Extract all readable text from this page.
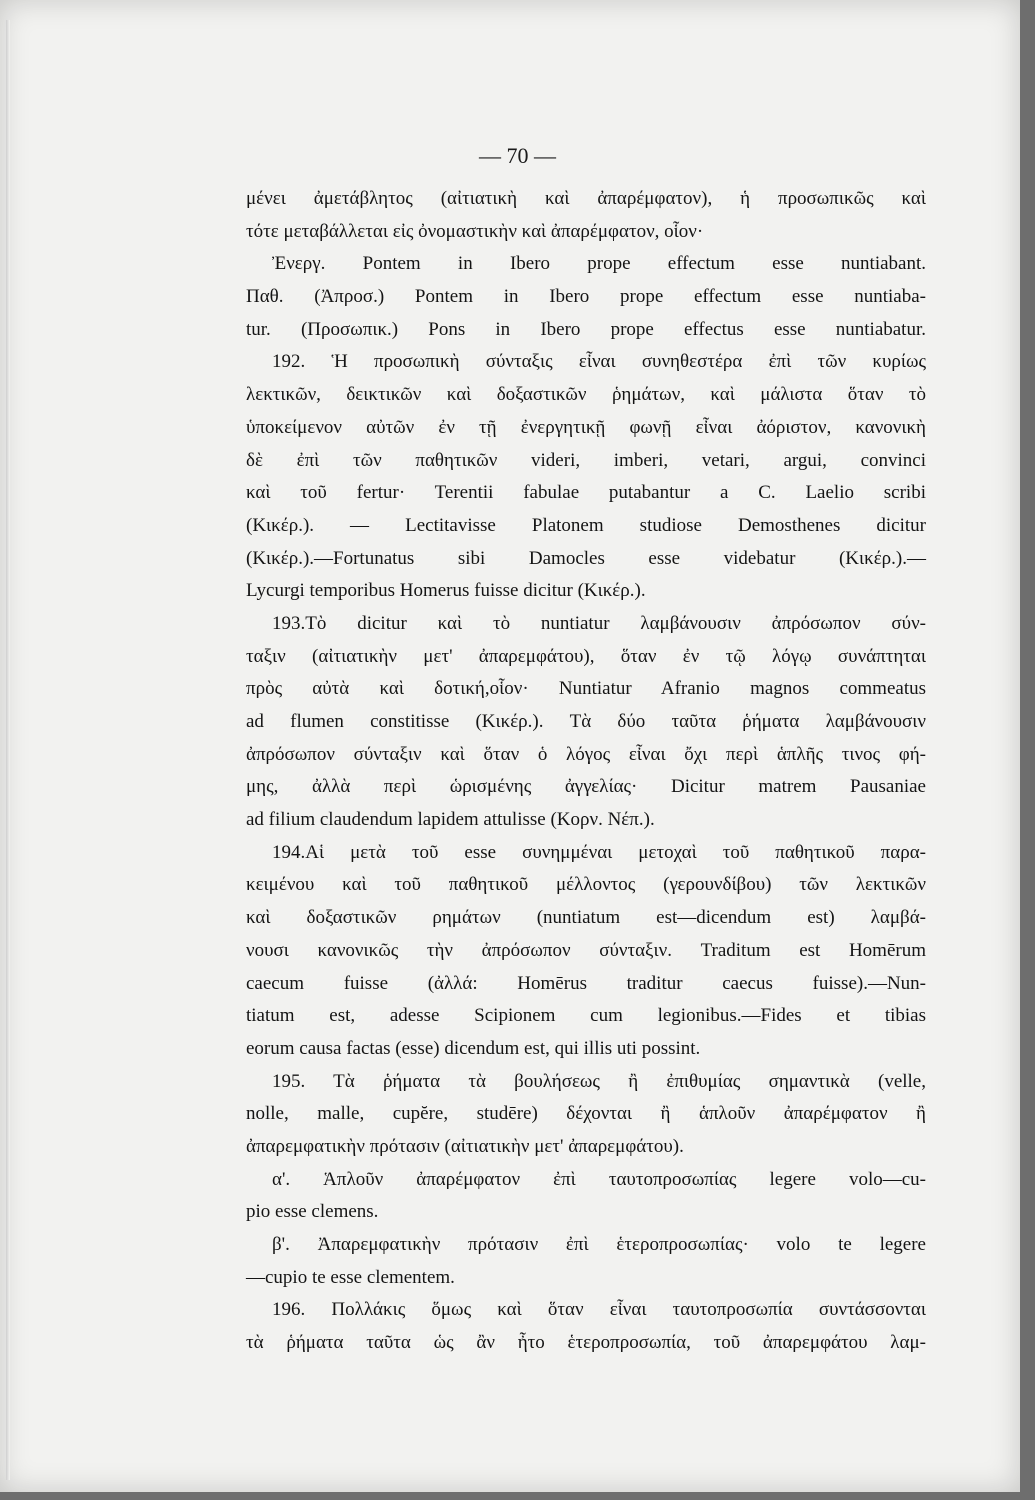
— 70 —
μένει ἀμετάβλητος (αἰτιατικὴ καὶ ἀπαρέμφατον), ἡ προσωπικῶς καὶ
τότε μεταβάλλεται εἰς ὀνομαστικὴν καὶ ἀπαρέμφατον, οἷον·
Ἐνεργ. Pontem in Ibero prope effectum esse nuntiabant.
Παθ. (Ἀπροσ.) Pontem in Ibero prope effectum esse nuntiaba-
tur. (Προσωπικ.) Pons in Ibero prope effectus esse nuntiabatur.
192. Ἡ προσωπικὴ σύνταξις εἶναι συνηθεστέρα ἐπὶ τῶν κυρίως
λεκτικῶν, δεικτικῶν καὶ δοξαστικῶν ῥημάτων, καὶ μάλιστα ὅταν τὸ
ὑποκείμενον αὐτῶν ἐν τῇ ἐνεργητικῇ φωνῇ εἶναι ἀόριστον, κανονικὴ
δὲ ἐπὶ τῶν παθητικῶν videri, imberi, vetari, argui, convinci
καὶ τοῦ fertur· Terentii fabulae putabantur a C. Laelio scribi
(Κικέρ.). — Lectitavisse Platonem studiose Demosthenes dicitur
(Κικέρ.).—Fortunatus sibi Damocles esse videbatur (Κικέρ.).—
Lycurgi temporibus Homerus fuisse dicitur (Κικέρ.).
193.Τὸ dicitur καὶ τὸ nuntiatur λαμβάνουσιν ἀπρόσωπον σύν-
ταξιν (αἰτιατικὴν μετ' ἀπαρεμφάτου), ὅταν ἐν τῷ λόγῳ συνάπτηται
πρὸς αὐτὰ καὶ δοτική,οἷον· Nuntiatur Afranio magnos commeatus
ad flumen constitisse (Κικέρ.). Τὰ δύο ταῦτα ῥήματα λαμβάνουσιν
ἀπρόσωπον σύνταξιν καὶ ὅταν ὁ λόγος εἶναι ὄχι περὶ ἁπλῆς τινος φή-
μης, ἀλλὰ περὶ ὡρισμένης ἀγγελίας· Dicitur matrem Pausaniae
ad filium claudendum lapidem attulisse (Κορν. Νέπ.).
194.Αἱ μετὰ τοῦ esse συνημμέναι μετοχαὶ τοῦ παθητικοῦ παρα-
κειμένου καὶ τοῦ παθητικοῦ μέλλοντος (γερουνδίβου) τῶν λεκτικῶν
καὶ δοξαστικῶν ρημάτων (nuntiatum est—dicendum est) λαμβά-
νουσι κανονικῶς τὴν ἀπρόσωπον σύνταξιν. Traditum est Homērum
caecum fuisse (ἀλλά: Homērus traditur caecus fuisse).—Nun-
tiatum est, adesse Scipionem cum legionibus.—Fides et tibias
eorum causa factas (esse) dicendum est, qui illis uti possint.
195. Τὰ ῥήματα τὰ βουλήσεως ἢ ἐπιθυμίας σημαντικὰ (velle,
nolle, malle, cupĕre, studēre) δέχονται ἢ ἁπλοῦν ἀπαρέμφατον ἢ
ἀπαρεμφατικὴν πρότασιν (αἰτιατικὴν μετ' ἀπαρεμφάτου).
α'. Ἁπλοῦν ἀπαρέμφατον ἐπὶ ταυτοπροσωπίας legere volo—cu-
pio esse clemens.
β'. Ἀπαρεμφατικὴν πρότασιν ἐπὶ ἑτεροπροσωπίας· volo te legere
—cupio te esse clementem.
196. Πολλάκις ὅμως καὶ ὅταν εἶναι ταυτοπροσωπία συντάσσονται
τὰ ῥήματα ταῦτα ὡς ἂν ἦτο ἑτεροπροσωπία, τοῦ ἀπαρεμφάτου λαμ-
